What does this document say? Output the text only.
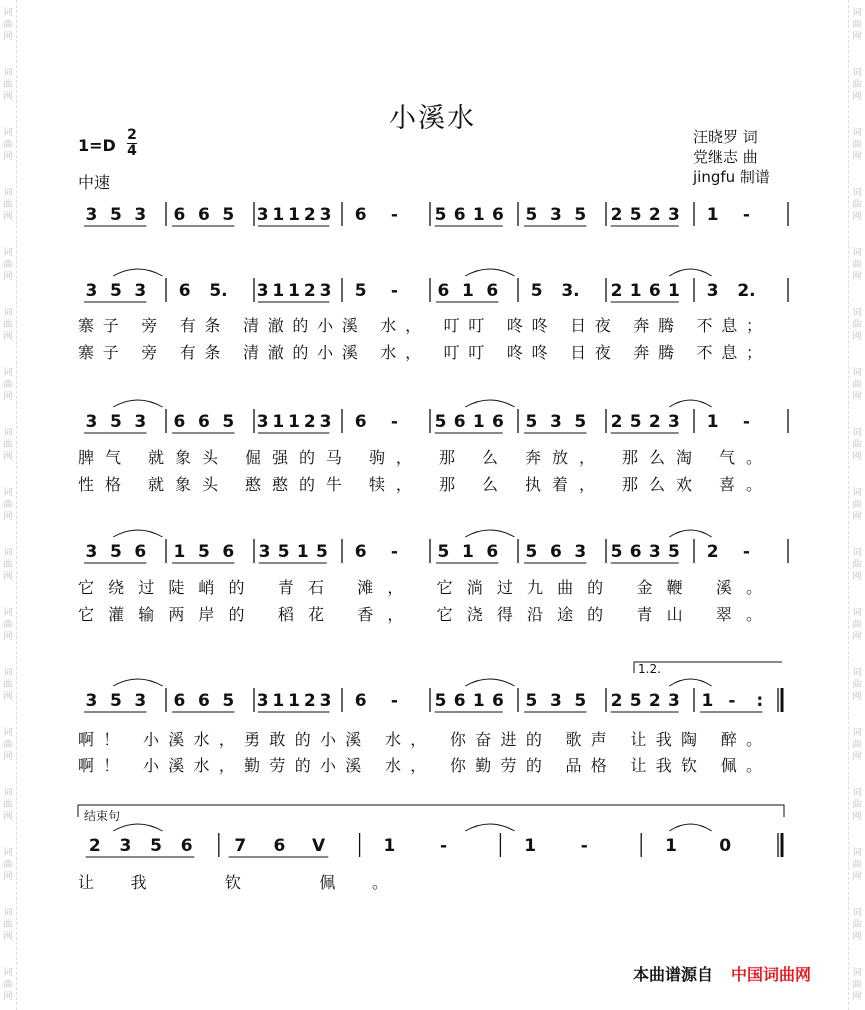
词
曲
网
词
曲
网
词
曲
网
词
曲
网
词
曲
网
词
曲
网
词
曲
网
词
曲
网
词
曲
网
词
曲
网
词
曲
网
词
曲
网
词
曲
网
词
曲
网
词
曲
网
词
曲
网
词
曲
网
词
曲
网
词
曲
网
词
曲
网
词
曲
网
词
曲
网
词
曲
网
词
曲
网
词
曲
网
词
曲
网
词
曲
网
词
曲
网
词
曲
网
词
曲
网
词
曲
网
词
曲
网
词
曲
网
词
曲
网
小溪水
1=D
2
4
中速
汪晓罗 词
党继志 曲
jingfu 制谱
3 5 3 6 6 5 3 1 1 2 3 6 - 5 6 1 6 5 3 5 2 5 2 3 1 -
3 5 3 6 5. 3 1 1 2 3 5 - 6 1 6 5 3. 2 1 6 1 3 2.
寨子 旁 有条 清澈的小溪 水， 叮叮 咚咚 日夜 奔腾 不息；
寨子 旁 有条 清澈的小溪 水， 叮叮 咚咚 日夜 奔腾 不息；
3 5 3 6 6 5 3 1 1 2 3 6 - 5 6 1 6 5 3 5 2 5 2 3 1 -
脾气 就象头 倔强的马 驹， 那 么 奔放， 那么淘 气。
性格 就象头 憨憨的牛 犊， 那 么 执着， 那么欢 喜。
3 5 6 1 5 6 3 5 1 5 6 - 5 1 6 5 6 3 5 6 3 5 2 -
它绕过陡峭的 青石 滩， 它淌过九曲的 金鞭 溪。
它灌输两岸的 稻花 香， 它浇得沿途的 青山 翠。
3 5 3 6 6 5 3 1 1 2 3 6 - 5 6 1 6 5 3 5 2 5 2 3 1 - :
1.2.
啊！ 小溪水，勇敢的小溪 水， 你奋进的 歌声 让我陶 醉。
啊！ 小溪水，勤劳的小溪 水， 你勤劳的 品格 让我钦 佩。
2 3 5 6 7 6 V	1	-	1	-	1 0
结束句
让我 钦 佩。
本曲谱源自 中国词曲网
